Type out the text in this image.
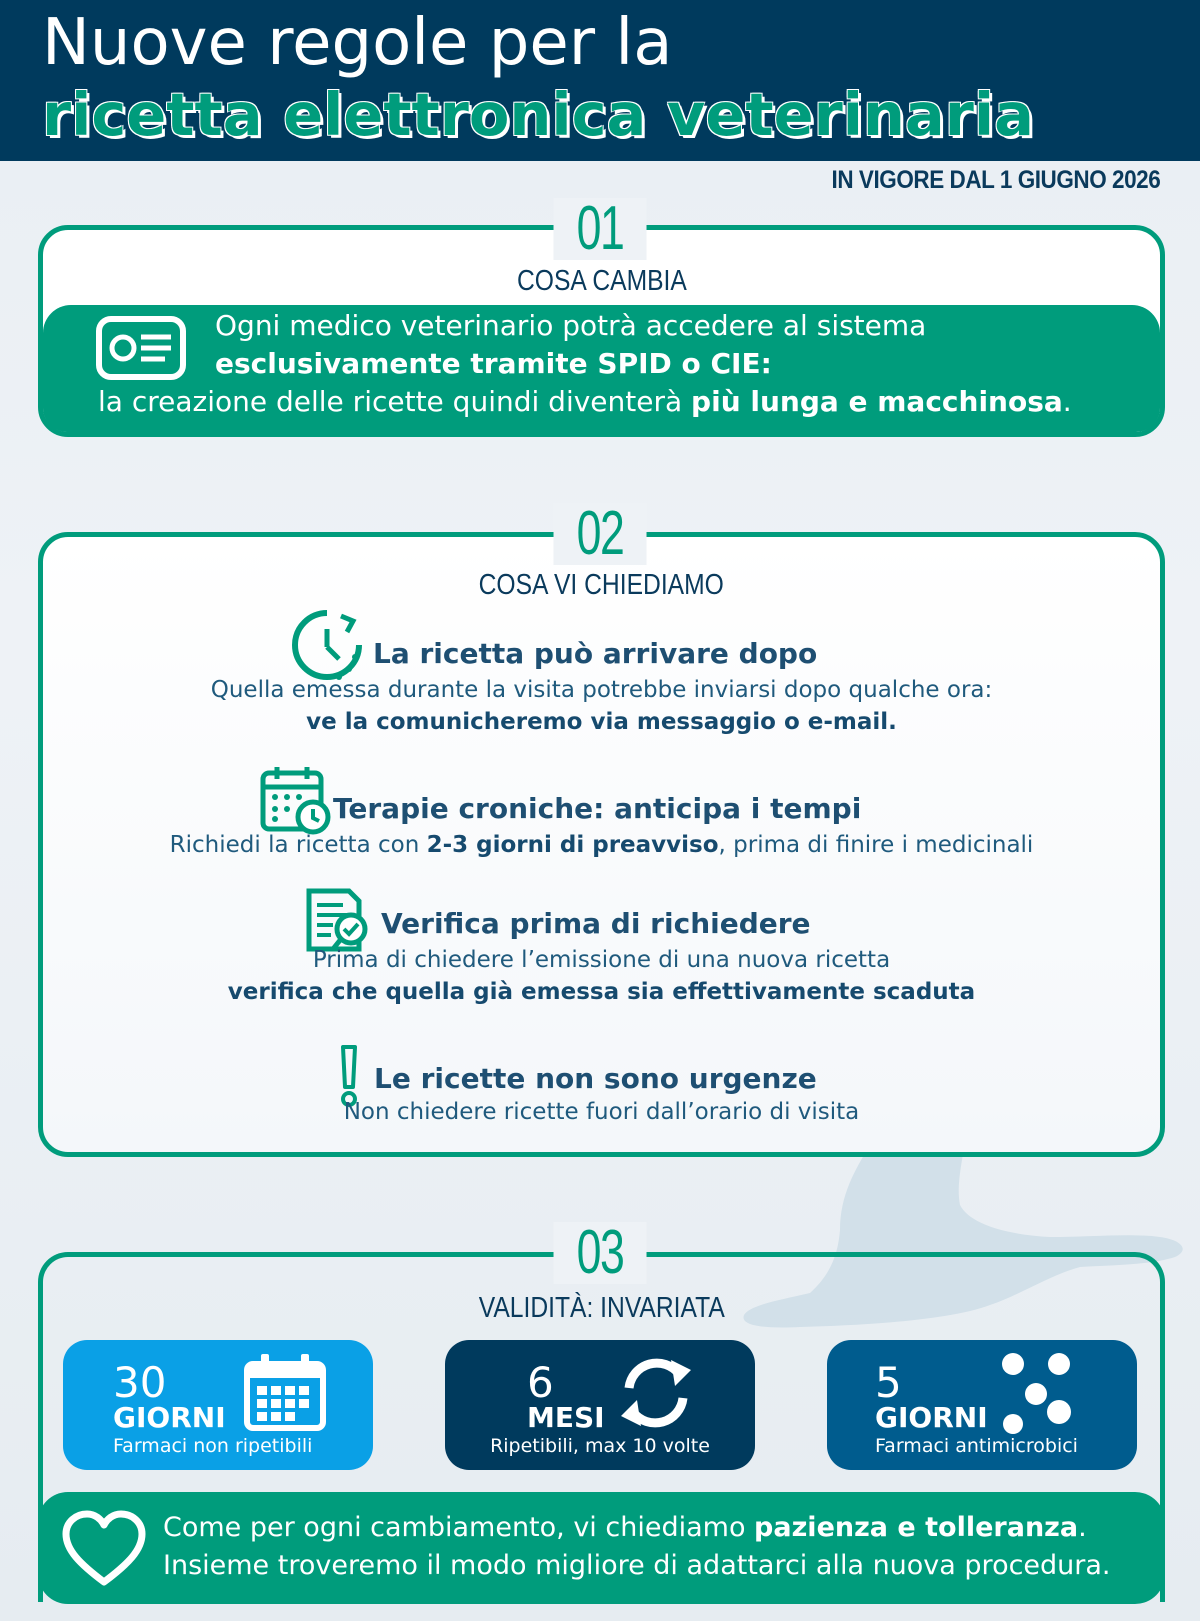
Nuove regole per la
ricetta elettronica veterinaria
IN VIGORE DAL 1 GIUGNO 2026
COSA CAMBIA
Ogni medico veterinario potrà accedere al sistema
esclusivamente tramite SPID o CIE:
la creazione delle ricette quindi diventerà più lunga e macchinosa.
01
COSA VI CHIEDIAMO
La ricetta può arrivare dopo
Quella emessa durante la visita potrebbe inviarsi dopo qualche ora:
ve la comunicheremo via messaggio o e-mail.
Terapie croniche: anticipa i tempi
Richiedi la ricetta con 2-3 giorni di preavviso, prima di finire i medicinali
Verifica prima di richiedere
Prima di chiedere l’emissione di una nuova ricetta
verifica che quella già emessa sia effettivamente scaduta
Le ricette non sono urgenze
Non chiedere ricette fuori dall’orario di visita
02
VALIDITÀ: INVARIATA
03
30
GIORNI
Farmaci non ripetibili
6
MESI
Ripetibili, max 10 volte
5
GIORNI
Farmaci antimicrobici
Come per ogni cambiamento, vi chiediamo pazienza e tolleranza.
Insieme troveremo il modo migliore di adattarci alla nuova procedura.
